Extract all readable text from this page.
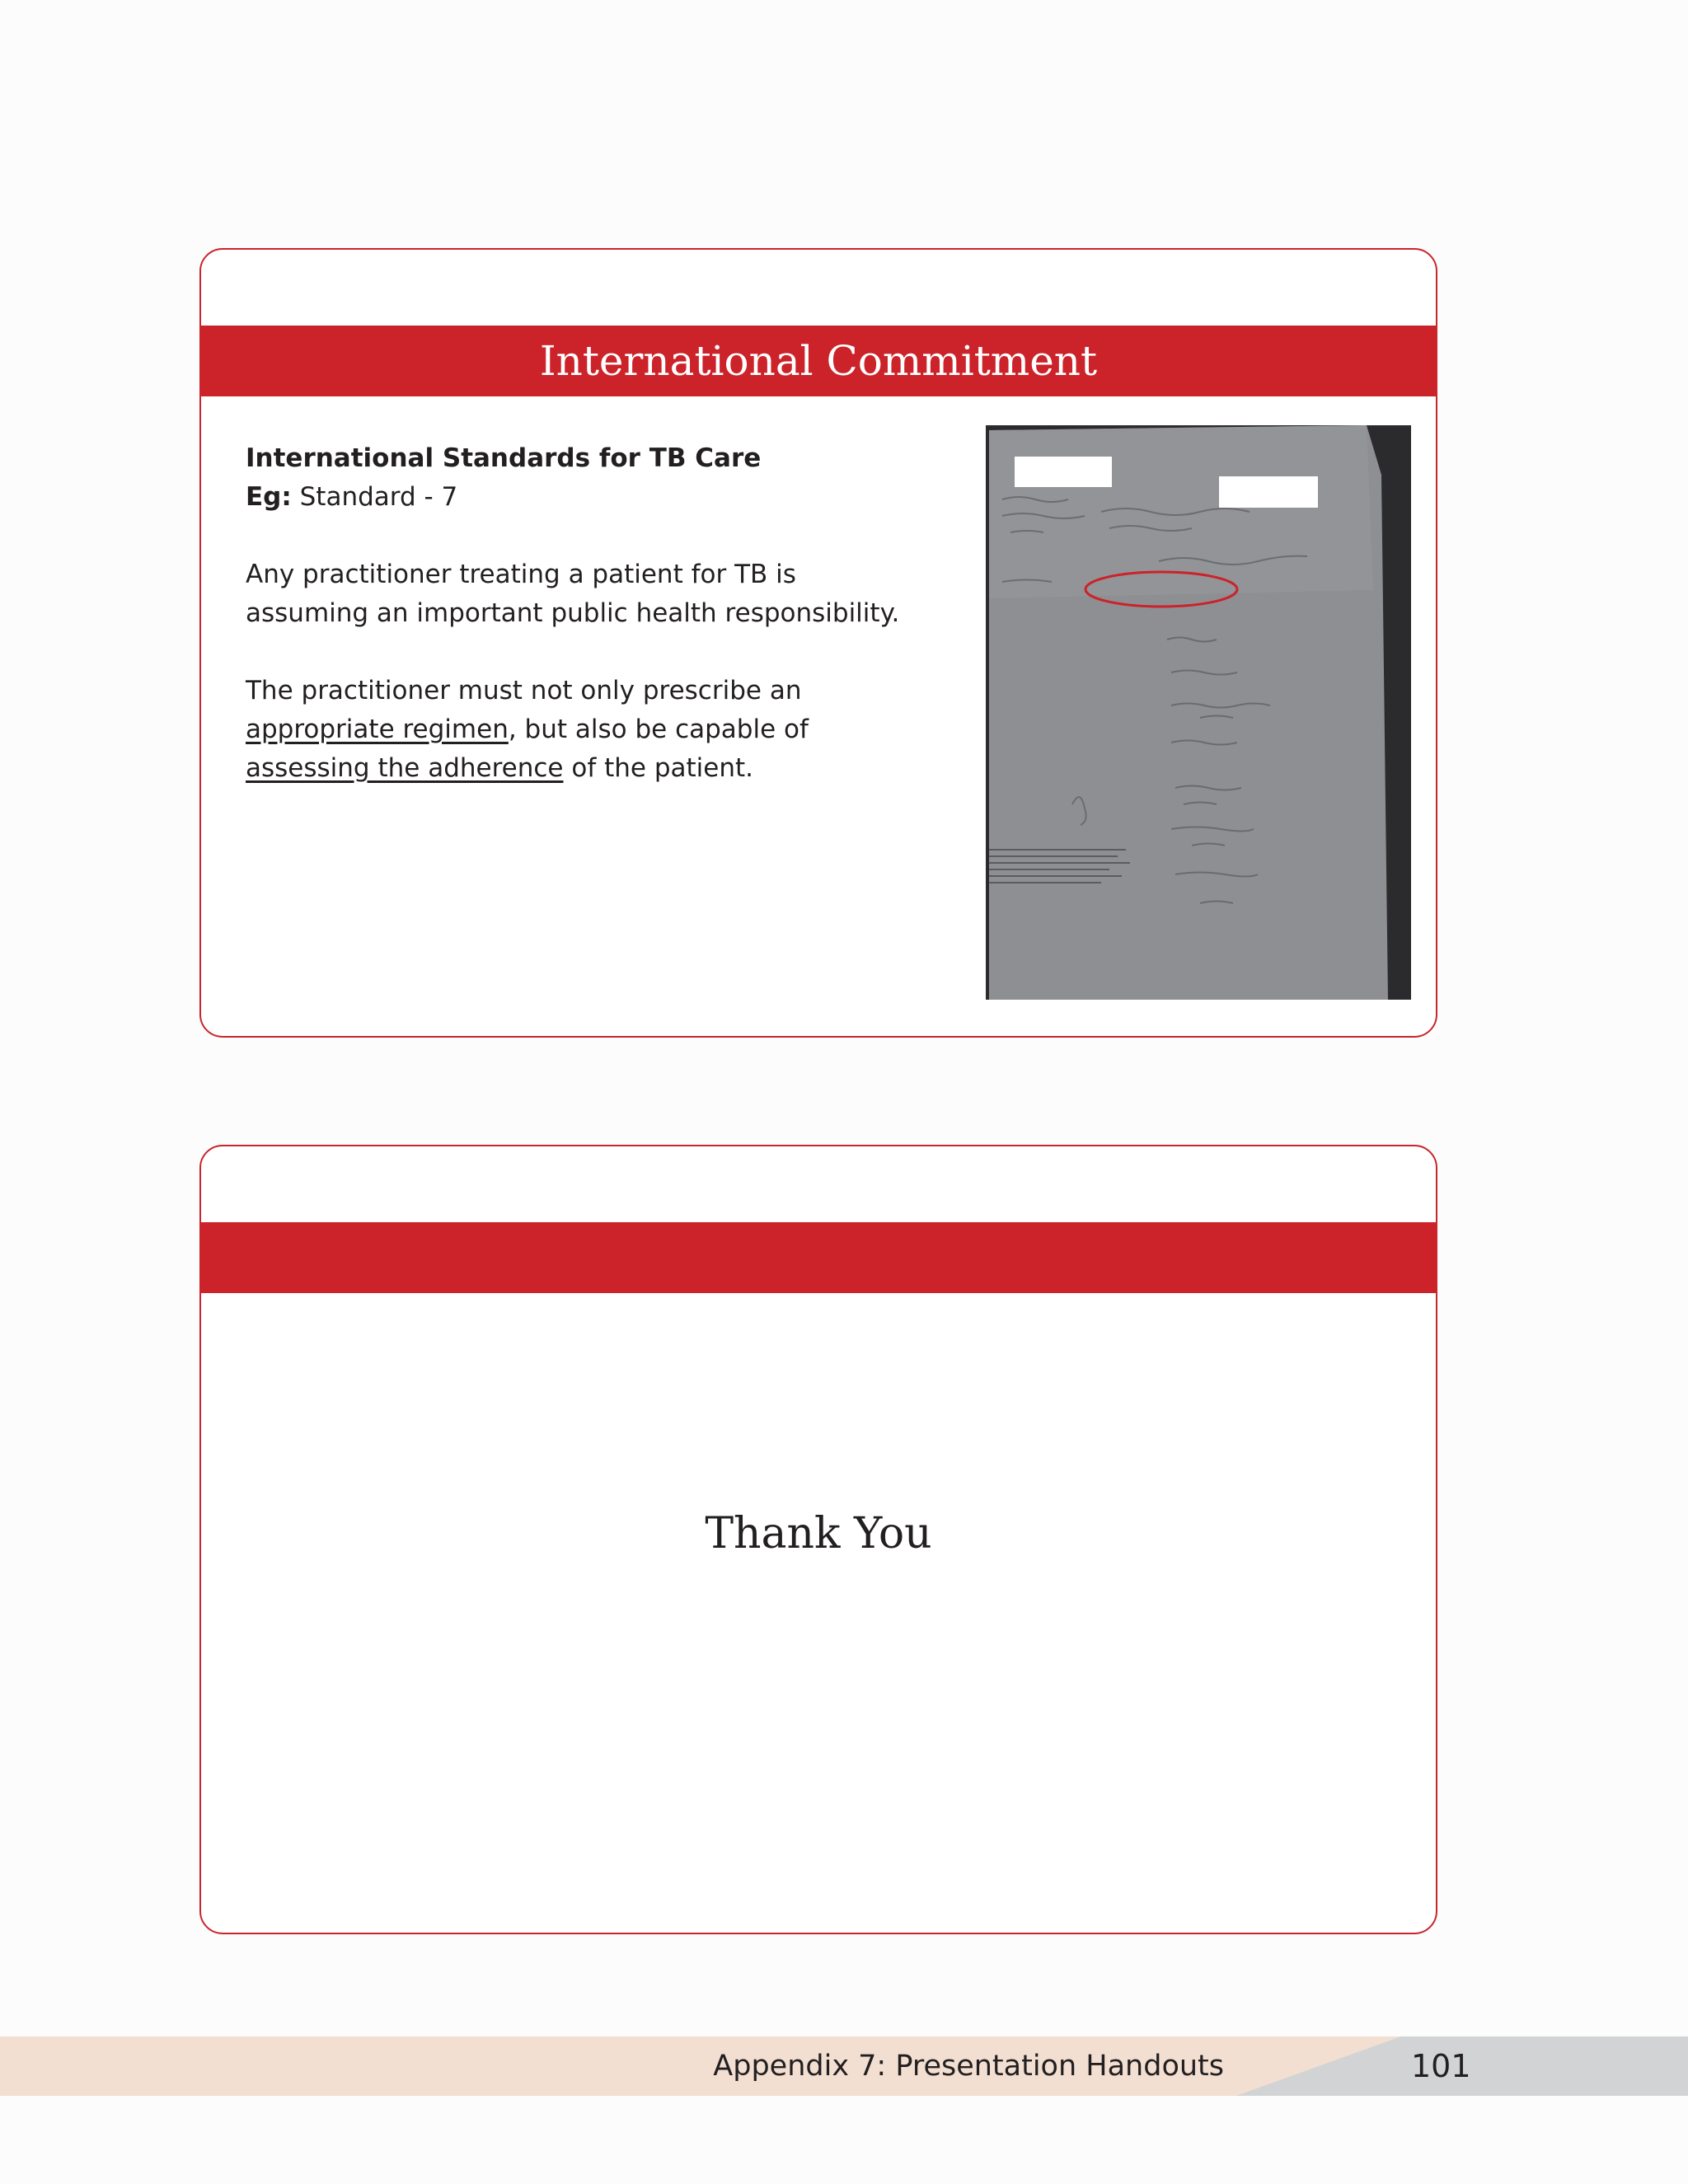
International Commitment

International Standards for TB Care

Eg: Standard - 7

Any practitioner treating a patient for TB is assuming an important public health responsibility.

The practitioner must not only prescribe an appropriate regimen, but also be capable of assessing the adherence of the patient.

Thank You
Appendix 7: Presentation Handouts	101
